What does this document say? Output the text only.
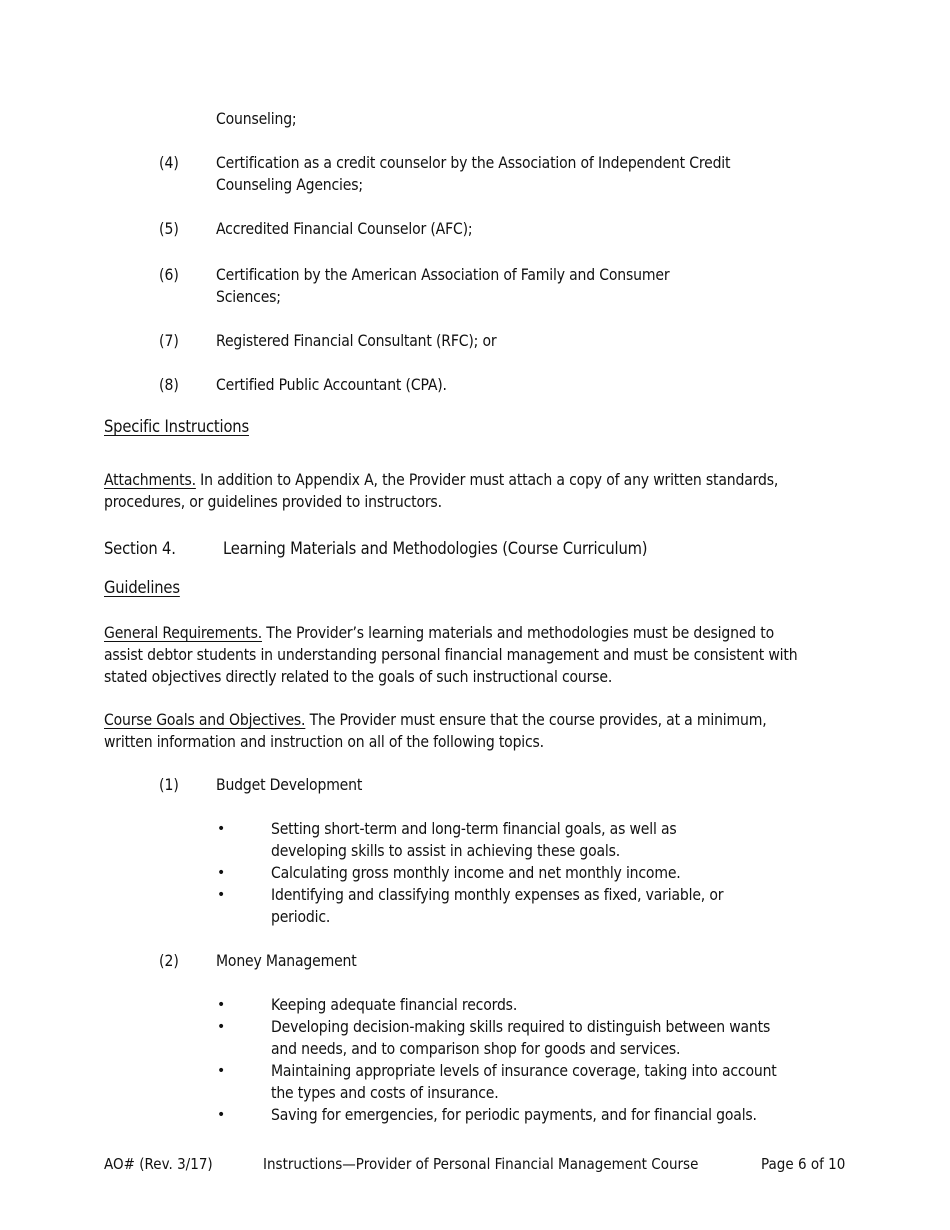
Counseling;
(4) Certification as a credit counselor by the Association of Independent Credit
Counseling Agencies;
(5) Accredited Financial Counselor (AFC);
(6) Certification by the American Association of Family and Consumer
Sciences;
(7) Registered Financial Consultant (RFC); or
(8) Certified Public Accountant (CPA).
Specific Instructions
Attachments. In addition to Appendix A, the Provider must attach a copy of any written standards,
procedures, or guidelines provided to instructors.
Section 4.	Learning Materials and Methodologies (Course Curriculum)
Guidelines
General Requirements. The Provider’s learning materials and methodologies must be designed to
assist debtor students in understanding personal financial management and must be consistent with
stated objectives directly related to the goals of such instructional course.
Course Goals and Objectives. The Provider must ensure that the course provides, at a minimum,
written information and instruction on all of the following topics.
(1) Budget Development
•	Setting short-term and long-term financial goals, as well as
developing skills to assist in achieving these goals.
•	Calculating gross monthly income and net monthly income.
•	Identifying and classifying monthly expenses as fixed, variable, or
periodic.
(2) Money Management
•	Keeping adequate financial records.
•	Developing decision-making skills required to distinguish between wants
and needs, and to comparison shop for goods and services.
•	Maintaining appropriate levels of insurance coverage, taking into account
the types and costs of insurance.
•	Saving for emergencies, for periodic payments, and for financial goals.
AO# (Rev. 3/17)	Instructions—Provider of Personal Financial Management Course	Page 6 of 10
